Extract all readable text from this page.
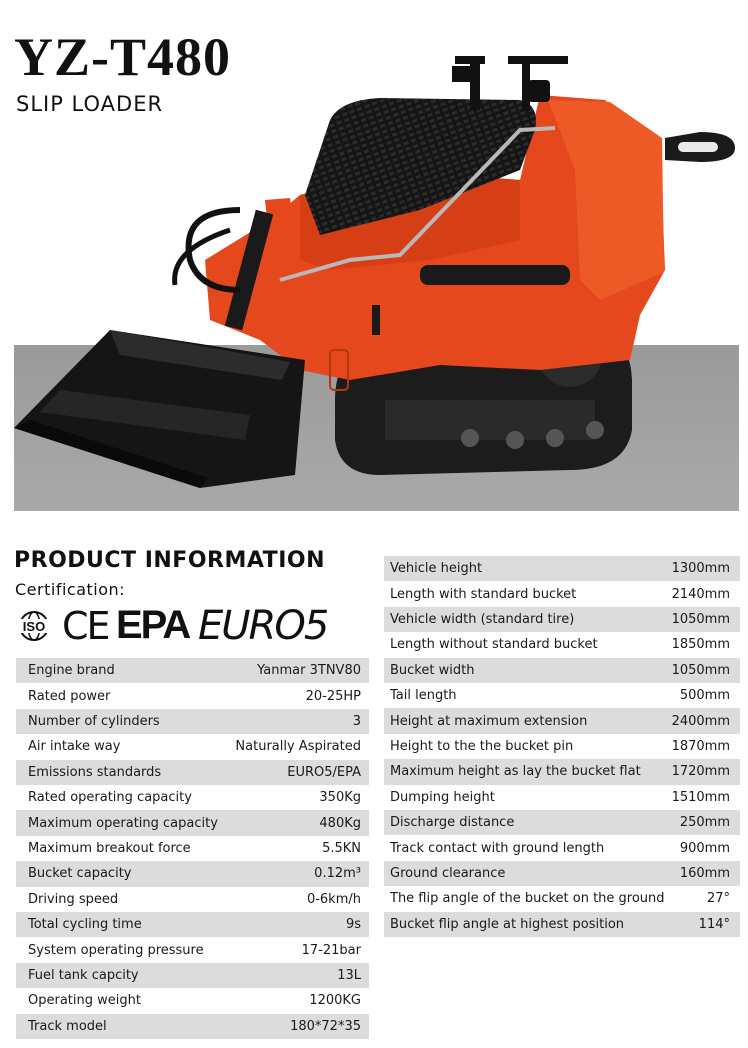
YZ-T480
SLIP LOADER
PRODUCT INFORMATION
Certification:
ISO CE EPA EURO5
Engine brand	Yanmar 3TNV80
Rated power	20-25HP
Number of cylinders	3
Air intake way	Naturally Aspirated
Emissions standards	EURO5/EPA
Rated operating capacity	350Kg
Maximum operating capacity	480Kg
Maximum breakout force	5.5KN
Bucket capacity	0.12m³
Driving speed	0-6km/h
Total cycling time	9s
System operating pressure	17-21bar
Fuel tank capcity	13L
Operating weight	1200KG
Track model	180*72*35
Vehicle height	1300mm
Length with standard bucket	2140mm
Vehicle width (standard tire)	1050mm
Length without standard bucket	1850mm
Bucket width	1050mm
Tail length	500mm
Height at maximum extension	2400mm
Height to the the bucket pin	1870mm
Maximum height as lay the bucket flat 1720mm
Dumping height	1510mm
Discharge distance	250mm
Track contact with ground length	900mm
Ground clearance	160mm
The flip angle of the bucket on the ground	27°
Bucket flip angle at highest position	114°
